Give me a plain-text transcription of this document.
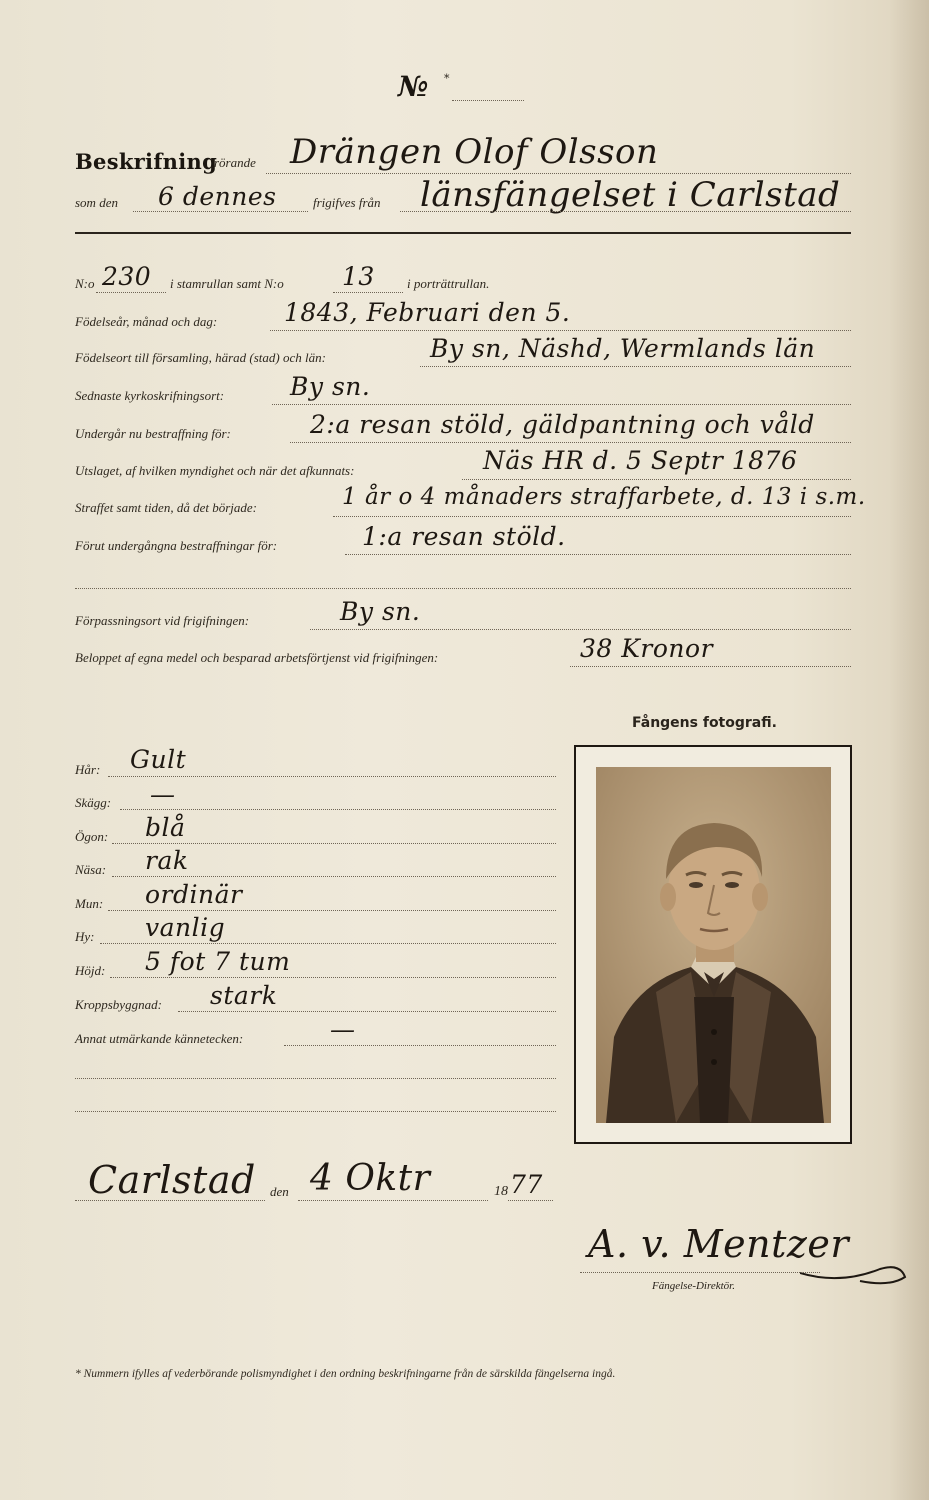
№ *
Beskrifning
rörande Drängen Olof Olsson
som den 6 dennes	frigifves från länsfängelset i Carlstad
N:o 230 i stamrullan samt N:o 13 i porträttrullan.
Födelseår, månad och dag:	1843, Februari den 5.
Födelseort till församling, härad (stad) och län:	By sn, Näshd, Wermlands län
Sednaste kyrkoskrifningsort:	By sn.
Undergår nu bestraffning för:	2:a resan stöld, gäldpantning och våld
Utslaget, af hvilken myndighet och när det afkunnats:	Näs HR d. 5 Septr 1876
Straffet samt tiden, då det började:	1 år o 4 månaders straffarbete, d. 13 i s.m.
Förut undergångna bestraffningar för:	1:a resan stöld.
Förpassningsort vid frigifningen:	By sn.
Beloppet af egna medel och besparad arbetsförtjenst vid frigifningen:	38 Kronor
Fångens fotografi.
Hår: Gult
Skägg: —
Ögon: blå
Näsa: rak
Mun: ordinär
Hy: vanlig
Höjd: 5 fot 7 tum
Kroppsbyggnad: stark
Annat utmärkande kännetecken:	—
Carlstad den 4 Oktr	18 77
A. v. Mentzer
Fängelse-Direktör.
* Nummern ifylles af vederbörande polismyndighet i den ordning beskrifningarne från de särskilda fängelserna ingå.
